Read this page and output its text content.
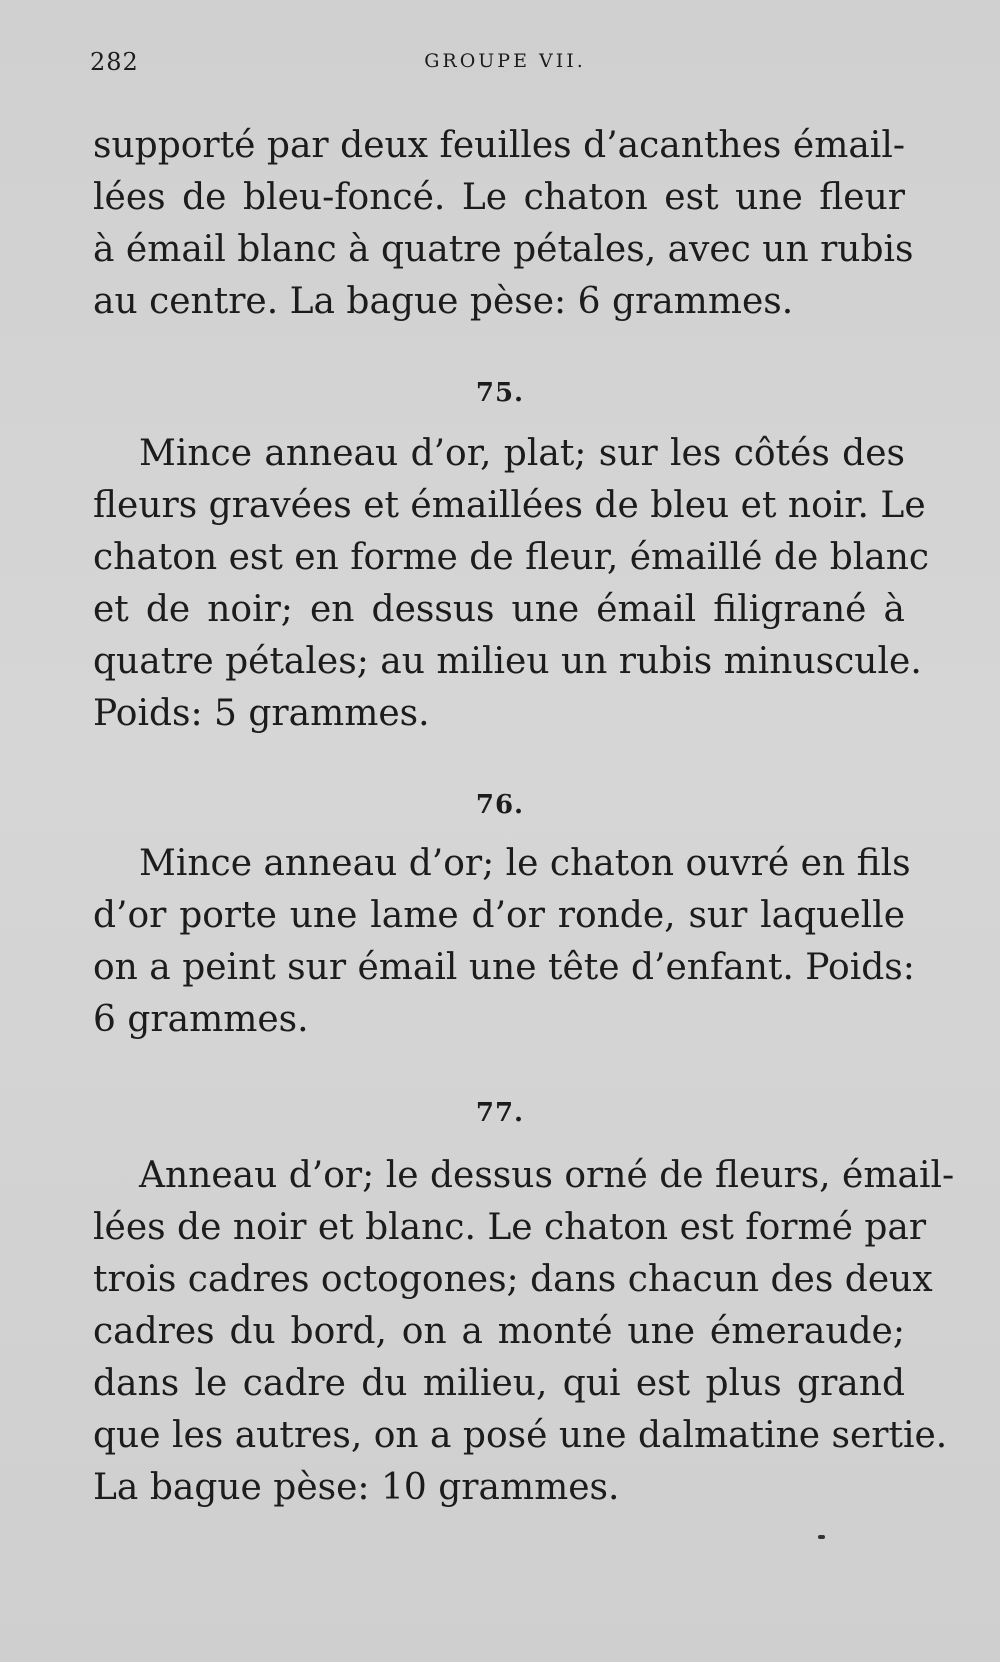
282	GROUPE VII.
supporté par deux feuilles d’acanthes émail-
lées de bleu-foncé. Le chaton est une fleur
à émail blanc à quatre pétales, avec un rubis
au centre. La bague pèse: 6 grammes.
75.
Mince anneau d’or, plat; sur les côtés des
fleurs gravées et émaillées de bleu et noir. Le
chaton est en forme de fleur, émaillé de blanc
et de noir; en dessus une émail filigrané à
quatre pétales; au milieu un rubis minuscule.
Poids: 5 grammes.
76.
Mince anneau d’or; le chaton ouvré en fils
d’or porte une lame d’or ronde, sur laquelle
on a peint sur émail une tête d’enfant. Poids:
6 grammes.
77.
Anneau d’or; le dessus orné de fleurs, émail-
lées de noir et blanc. Le chaton est formé par
trois cadres octogones; dans chacun des deux
cadres du bord, on a monté une émeraude;
dans le cadre du milieu, qui est plus grand
que les autres, on a posé une dalmatine sertie.
La bague pèse: 10 grammes.
